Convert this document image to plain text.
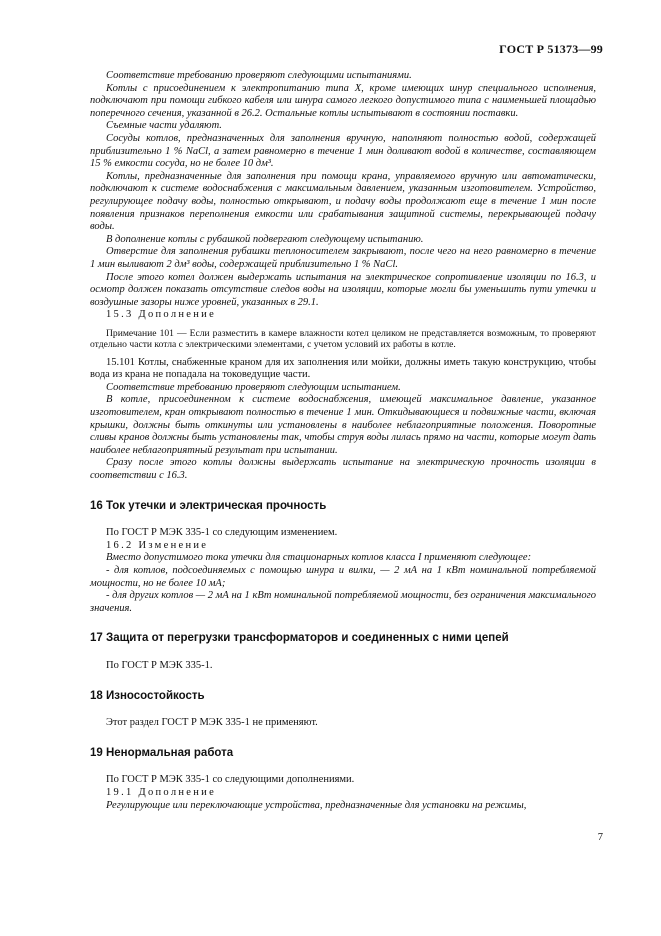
ГОСТ Р 51373—99

Соответствие требованию проверяют следующими испытаниями.

Котлы с присоединением к электропитанию типа X, кроме имеющих шнур специального исполнения, подключают при помощи гибкого кабеля или шнура самого легкого допустимого типа с наименьшей площадью поперечного сечения, указанной в 26.2. Остальные котлы испытывают в состоянии поставки.

Съемные части удаляют.

Сосуды котлов, предназначенных для заполнения вручную, наполняют полностью водой, содержащей приблизительно 1 % NaCl, а затем равномерно в течение 1 мин доливают водой в количестве, составляющем 15 % емкости сосуда, но не более 10 дм³.

Котлы, предназначенные для заполнения при помощи крана, управляемого вручную или автоматически, подключают к системе водоснабжения с максимальным давлением, указанным изготовителем. Устройство, регулирующее подачу воды, полностью открывают, и подачу воды продолжают еще в течение 1 мин после появления признаков переполнения емкости или срабатывания защитной системы, перекрывающей подачу воды.

В дополнение котлы с рубашкой подвергают следующему испытанию.

Отверстие для заполнения рубашки теплоносителем закрывают, после чего на него равномерно в течение 1 мин выливают 2 дм³ воды, содержащей приблизительно 1 % NaCl.

После этого котел должен выдержать испытания на электрическое сопротивление изоляции по 16.3, и осмотр должен показать отсутствие следов воды на изоляции, которые могли бы уменьшить пути утечки и воздушные зазоры ниже уровней, указанных в 29.1.

15.3 Дополнение

Примечание 101 — Если разместить в камере влажности котел целиком не представляется возможным, то проверяют отдельно части котла с электрическими элементами, с учетом условий их работы в котле.

15.101 Котлы, снабженные краном для их заполнения или мойки, должны иметь такую конструкцию, чтобы вода из крана не попадала на токоведущие части.

Соответствие требованию проверяют следующим испытанием.

В котле, присоединенном к системе водоснабжения, имеющей максимальное давление, указанное изготовителем, кран открывают полностью в течение 1 мин. Откидывающиеся и подвижные части, включая крышки, должны быть откинуты или установлены в наиболее неблагоприятные положения. Поворотные сливы кранов должны быть установлены так, чтобы струя воды лилась прямо на части, которые могут дать наиболее неблагоприятный результат при испытании.

Сразу после этого котлы должны выдержать испытание на электрическую прочность изоляции в соответствии с 16.3.

16 Ток утечки и электрическая прочность

По ГОСТ Р МЭК 335-1 со следующим изменением.

16.2 Изменение

Вместо допустимого тока утечки для стационарных котлов класса I применяют следующее:

- для котлов, подсоединяемых с помощью шнура и вилки, — 2 мА на 1 кВт номинальной потребляемой мощности, но не более 10 мА;

- для других котлов — 2 мА на 1 кВт номинальной потребляемой мощности, без ограничения максимального значения.

17 Защита от перегрузки трансформаторов и соединенных с ними цепей

По ГОСТ Р МЭК 335-1.

18 Износостойкость

Этот раздел ГОСТ Р МЭК 335-1 не применяют.

19 Ненормальная работа

По ГОСТ Р МЭК 335-1 со следующими дополнениями.

19.1 Дополнение

Регулирующие или переключающие устройства, предназначенные для установки на режимы,

7
